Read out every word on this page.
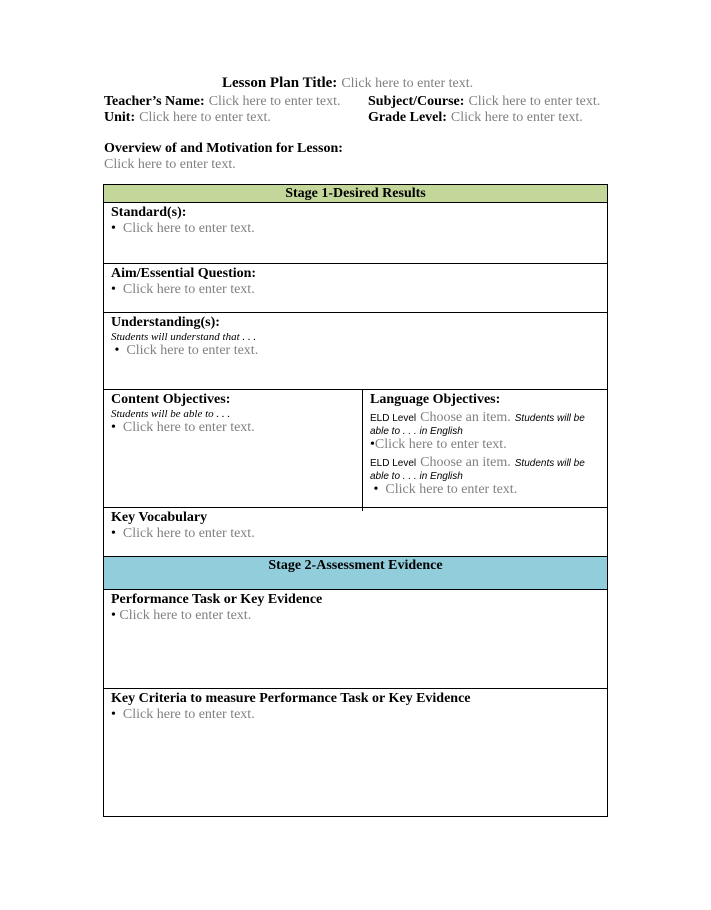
Lesson Plan Title: Click here to enter text.
Teacher’s Name: Click here to enter text. Subject/Course: Click here to enter text.
Unit: Click here to enter text.	Grade Level: Click here to enter text.
Overview of and Motivation for Lesson:
Click here to enter text.
Stage 1-Desired Results
Standard(s):
• Click here to enter text.
Aim/Essential Question:
• Click here to enter text.
Understanding(s):
Students will understand that . . .
• Click here to enter text.
Content Objectives:
Students will be able to . . .
• Click here to enter text.
Language Objectives:
ELD Level Choose an item. Students will be
able to . . . in English
•Click here to enter text.
ELD Level Choose an item. Students will be
able to . . . in English
• Click here to enter text.
Key Vocabulary
• Click here to enter text.
Stage 2-Assessment Evidence
Performance Task or Key Evidence
• Click here to enter text.
Key Criteria to measure Performance Task or Key Evidence
• Click here to enter text.
